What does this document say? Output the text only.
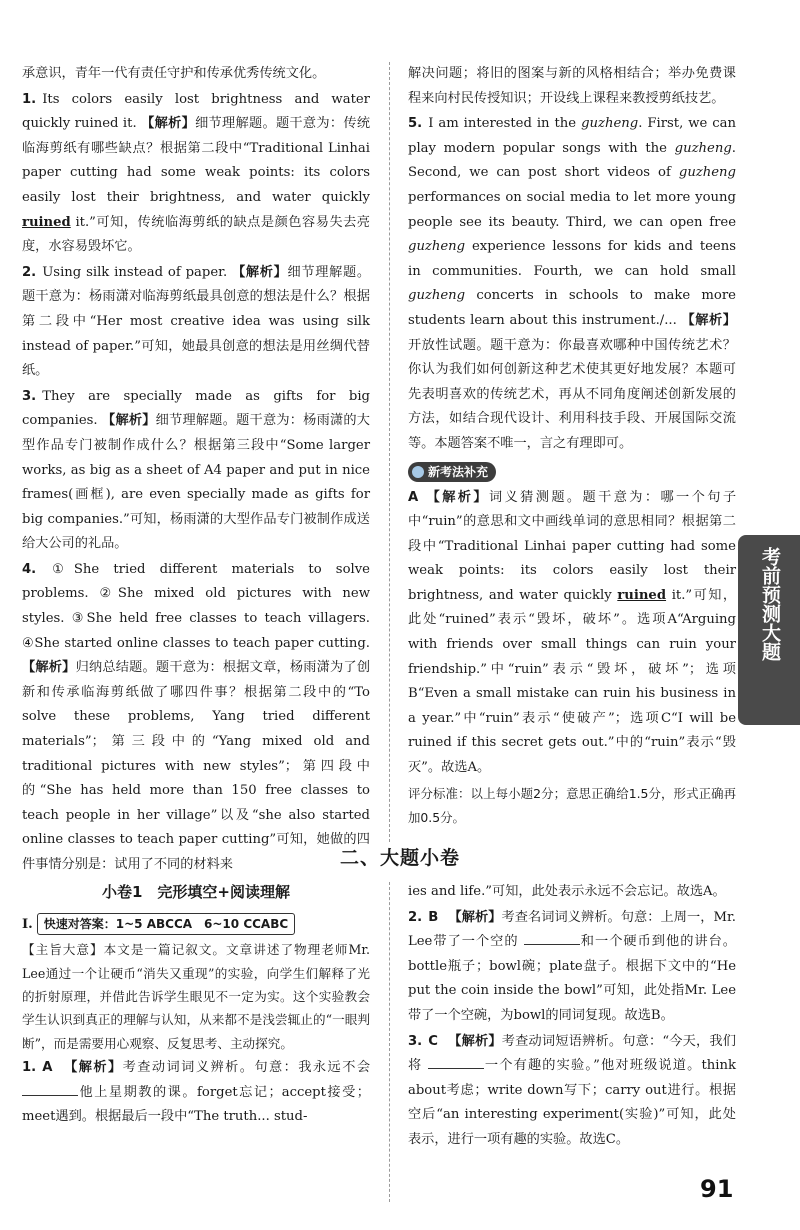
承意识，青年一代有责任守护和传承优秀传统文化。

1. Its colors easily lost brightness and water quickly ruined it. 【解析】细节理解题。题干意为：传统临海剪纸有哪些缺点？根据第二段中“Traditional Linhai paper cutting had some weak points: its colors easily lost their brightness, and water quickly ruined it.”可知，传统临海剪纸的缺点是颜色容易失去亮度，水容易毁坏它。

2. Using silk instead of paper. 【解析】细节理解题。题干意为：杨雨潇对临海剪纸最具创意的想法是什么？根据第二段中“Her most creative idea was using silk instead of paper.”可知，她最具创意的想法是用丝绸代替纸。

3. They are specially made as gifts for big companies. 【解析】细节理解题。题干意为：杨雨潇的大型作品专门被制作成什么？根据第三段中“Some larger works, as big as a sheet of A4 paper and put in nice frames(画框), are even specially made as gifts for big companies.”可知，杨雨潇的大型作品专门被制作成送给大公司的礼品。

4. ①She tried different materials to solve problems. ②She mixed old pictures with new styles. ③She held free classes to teach villagers. ④She started online classes to teach paper cutting. 【解析】归纳总结题。题干意为：根据文章，杨雨潇为了创新和传承临海剪纸做了哪四件事？根据第二段中的“To solve these problems, Yang tried different materials”；第三段中的“Yang mixed old and traditional pictures with new styles”；第四段中的“She has held more than 150 free classes to teach people in her village”以及“she also started online classes to teach paper cutting”可知，她做的四件事情分别是：试用了不同的材料来

解决问题；将旧的图案与新的风格相结合；举办免费课程来向村民传授知识；开设线上课程来教授剪纸技艺。

5. I am interested in the guzheng. First, we can play modern popular songs with the guzheng. Second, we can post short videos of guzheng performances on social media to let more young people see its beauty. Third, we can open free guzheng experience lessons for kids and teens in communities. Fourth, we can hold small guzheng concerts in schools to make more students learn about this instrument./... 【解析】开放性试题。题干意为：你最喜欢哪种中国传统艺术？你认为我们如何创新这种艺术使其更好地发展？本题可先表明喜欢的传统艺术，再从不同角度阐述创新发展的方法，如结合现代设计、利用科技手段、开展国际交流等。本题答案不唯一，言之有理即可。

新考法补充

A 【解析】词义猜测题。题干意为：哪一个句子中“ruin”的意思和文中画线单词的意思相同？根据第二段中“Traditional Linhai paper cutting had some weak points: its colors easily lost their brightness, and water quickly ruined it.”可知，此处“ruined”表示“毁坏，破坏”。选项A“Arguing with friends over small things can ruin your friendship.”中“ruin”表示“毁坏，破坏”；选项B“Even a small mistake can ruin his business in a year.”中“ruin”表示“使破产”；选项C“I will be ruined if this secret gets out.”中的“ruin”表示“毁灭”。故选A。

评分标准：以上每小题2分；意思正确给1.5分，形式正确再加0.5分。

考前预测大题
二、大题小卷
小卷1　完形填空+阅读理解

Ⅰ. 快速对答案：1~5 ABCCA　6~10 CCABC

【主旨大意】本文是一篇记叙文。文章讲述了物理老师Mr. Lee通过一个让硬币“消失又重现”的实验，向学生们解释了光的折射原理，并借此告诉学生眼见不一定为实。这个实验教会学生认识到真正的理解与认知，从来都不是浅尝辄止的“一眼判断”，而是需要用心观察、反复思考、主动探究。

1. A 【解析】考查动词词义辨析。句意：我永远不会 他上星期教的课。forget忘记；accept接受；meet遇到。根据最后一段中“The truth... stud-

ies and life.”可知，此处表示永远不会忘记。故选A。

2. B 【解析】考查名词词义辨析。句意：上周一，Mr. Lee带了一个空的	和一个硬币到他的讲台。bottle瓶子；bowl碗；plate盘子。根据下文中的“He put the coin inside the bowl”可知，此处指Mr. Lee带了一个空碗，为bowl的同词复现。故选B。

3. C 【解析】考查动词短语辨析。句意：“今天，我们将	一个有趣的实验。”他对班级说道。think about考虑；write down写下；carry out进行。根据空后“an interesting experiment(实验)”可知，此处表示，进行一项有趣的实验。故选C。

91
